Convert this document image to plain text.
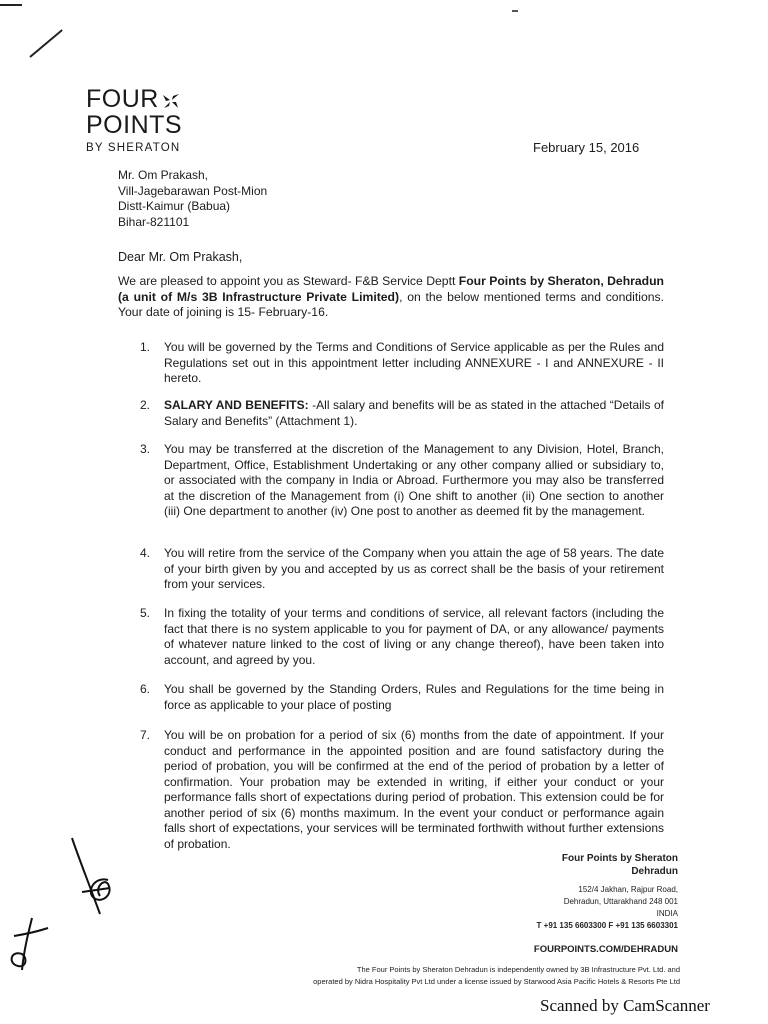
FOUR
POINTS
BY SHERATON	February 15, 2016
Mr. Om Prakash,
Vill-Jagebarawan Post-Mion
Distt-Kaimur (Babua)
Bihar-821101
Dear Mr. Om Prakash,
We are pleased to appoint you as Steward- F&B Service Deptt Four Points by Sheraton, Dehradun (a unit of M/s 3B Infrastructure Private Limited), on the below mentioned terms and conditions. Your date of joining is 15- February-16.
1.	You will be governed by the Terms and Conditions of Service applicable as per the Rules and Regulations set out in this appointment letter including ANNEXURE - I and ANNEXURE - II hereto.
2.	SALARY AND BENEFITS: -All salary and benefits will be as stated in the attached “Details of Salary and Benefits” (Attachment 1).
3.	You may be transferred at the discretion of the Management to any Division, Hotel, Branch, Department, Office, Establishment Undertaking or any other company allied or subsidiary to, or associated with the company in India or Abroad. Furthermore you may also be transferred at the discretion of the Management from (i) One shift to another (ii) One section to another (iii) One department to another (iv) One post to another as deemed fit by the management.
4.	You will retire from the service of the Company when you attain the age of 58 years. The date of your birth given by you and accepted by us as correct shall be the basis of your retirement from your services.
5.	In fixing the totality of your terms and conditions of service, all relevant factors (including the fact that there is no system applicable to you for payment of DA, or any allowance/ payments of whatever nature linked to the cost of living or any change thereof), have been taken into account, and agreed by you.
6.	You shall be governed by the Standing Orders, Rules and Regulations for the time being in force as applicable to your place of posting
7.	You will be on probation for a period of six (6) months from the date of appointment. If your conduct and performance in the appointed position and are found satisfactory during the period of probation, you will be confirmed at the end of the period of probation by a letter of confirmation. Your probation may be extended in writing, if either your conduct or your performance falls short of expectations during period of probation. This extension could be for another period of six (6) months maximum. In the event your conduct or performance again falls short of expectations, your services will be terminated forthwith without further extensions of probation.
Four Points by Sheraton
Dehradun
152/4 Jakhan, Rajpur Road,
Dehradun, Uttarakhand 248 001
INDIA
T +91 135 6603300 F +91 135 6603301
FOURPOINTS.COM/DEHRADUN
The Four Points by Sheraton Dehradun is independently owned by 3B Infrastructure Pvt. Ltd. and
operated by Nidra Hospitality Pvt Ltd under a license issued by Starwood Asia Pacific Hotels & Resorts Pte Ltd
Scanned by CamScanner
